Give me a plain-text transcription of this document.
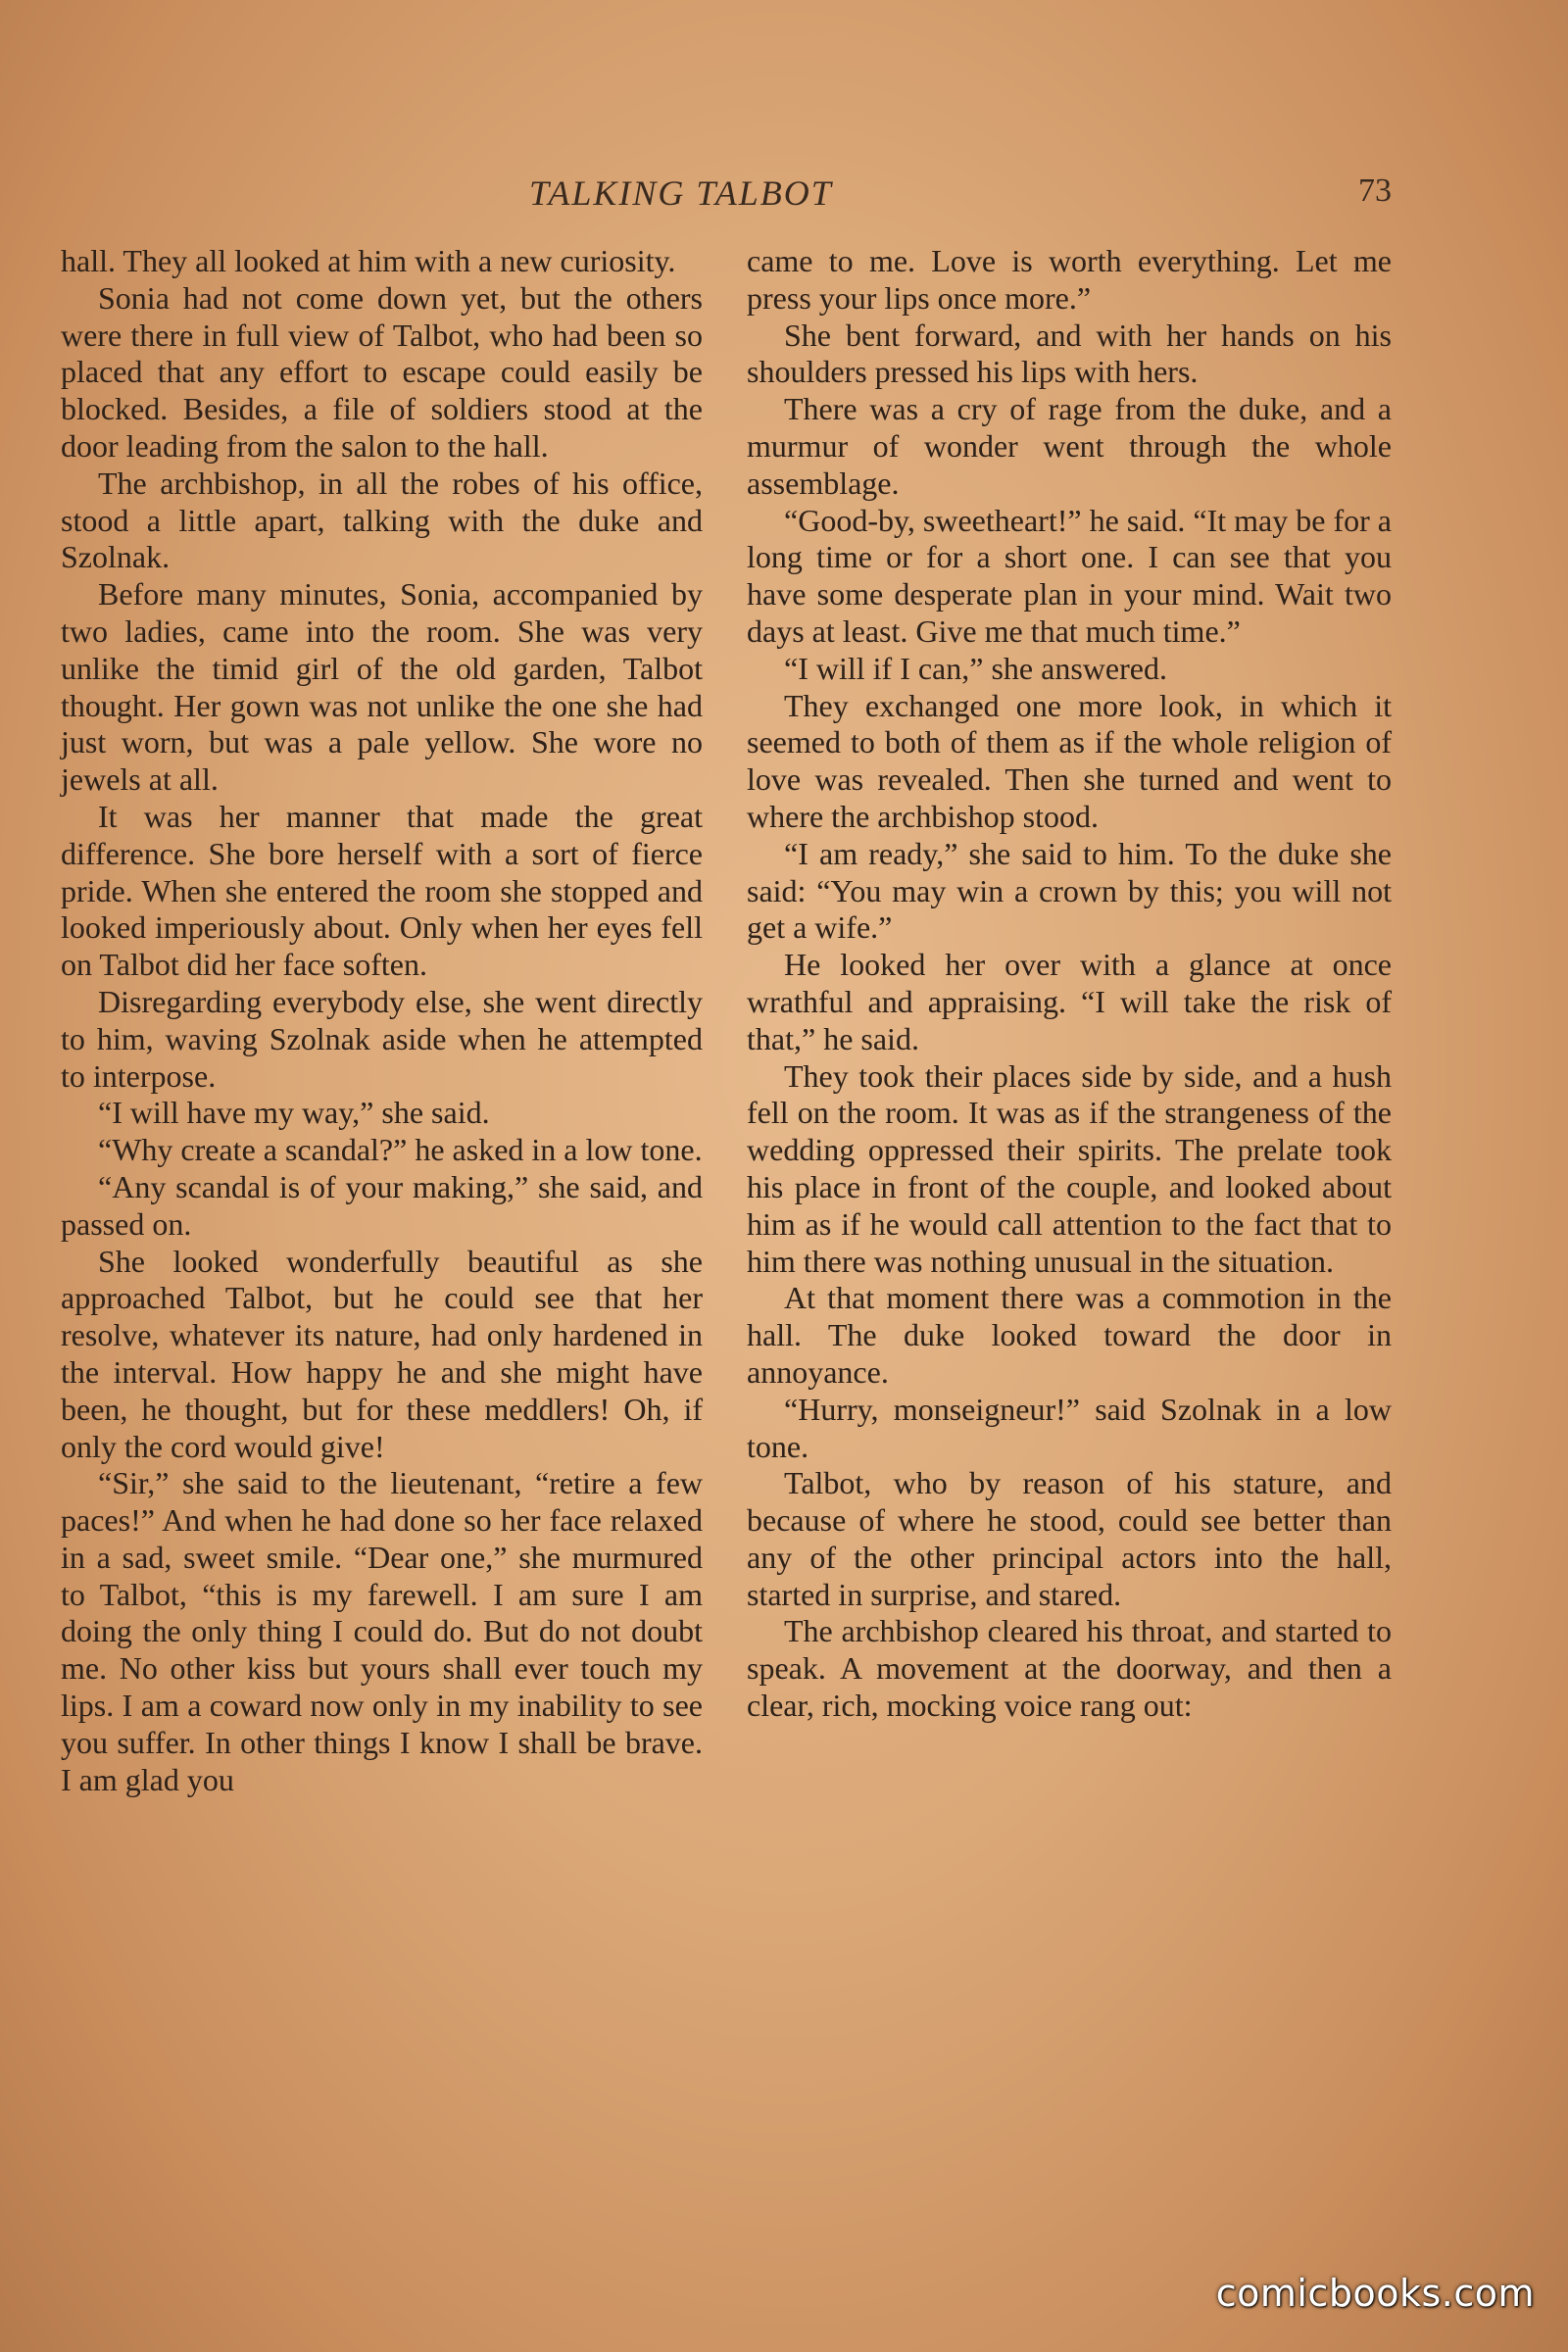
TALKING TALBOT	73

hall. They all looked at him with a new curiosity.

Sonia had not come down yet, but the others were there in full view of Talbot, who had been so placed that any effort to escape could easily be blocked. Besides, a file of soldiers stood at the door leading from the salon to the hall.

The archbishop, in all the robes of his office, stood a little apart, talking with the duke and Szolnak.

Before many minutes, Sonia, accompanied by two ladies, came into the room. She was very unlike the timid girl of the old garden, Talbot thought. Her gown was not unlike the one she had just worn, but was a pale yellow. She wore no jewels at all.

It was her manner that made the great difference. She bore herself with a sort of fierce pride. When she entered the room she stopped and looked imperiously about. Only when her eyes fell on Talbot did her face soften.

Disregarding everybody else, she went directly to him, waving Szolnak aside when he attempted to interpose.

“I will have my way,” she said.

“Why create a scandal?” he asked in a low tone.

“Any scandal is of your making,” she said, and passed on.

She looked wonderfully beautiful as she approached Talbot, but he could see that her resolve, whatever its nature, had only hardened in the interval. How happy he and she might have been, he thought, but for these meddlers! Oh, if only the cord would give!

“Sir,” she said to the lieutenant, “retire a few paces!” And when he had done so her face relaxed in a sad, sweet smile. “Dear one,” she murmured to Talbot, “this is my farewell. I am sure I am doing the only thing I could do. But do not doubt me. No other kiss but yours shall ever touch my lips. I am a coward now only in my inability to see you suffer. In other things I know I shall be brave. I am glad you

came to me. Love is worth everything. Let me press your lips once more.”

She bent forward, and with her hands on his shoulders pressed his lips with hers.

There was a cry of rage from the duke, and a murmur of wonder went through the whole assemblage.

“Good-by, sweetheart!” he said. “It may be for a long time or for a short one. I can see that you have some desperate plan in your mind. Wait two days at least. Give me that much time.”

“I will if I can,” she answered.

They exchanged one more look, in which it seemed to both of them as if the whole religion of love was revealed. Then she turned and went to where the archbishop stood.

“I am ready,” she said to him. To the duke she said: “You may win a crown by this; you will not get a wife.”

He looked her over with a glance at once wrathful and appraising. “I will take the risk of that,” he said.

They took their places side by side, and a hush fell on the room. It was as if the strangeness of the wedding oppressed their spirits. The prelate took his place in front of the couple, and looked about him as if he would call attention to the fact that to him there was nothing unusual in the situation.

At that moment there was a commotion in the hall. The duke looked toward the door in annoyance.

“Hurry, monseigneur!” said Szolnak in a low tone.

Talbot, who by reason of his stature, and because of where he stood, could see better than any of the other principal actors into the hall, started in surprise, and stared.

The archbishop cleared his throat, and started to speak. A movement at the doorway, and then a clear, rich, mocking voice rang out:

comicbooks.com
